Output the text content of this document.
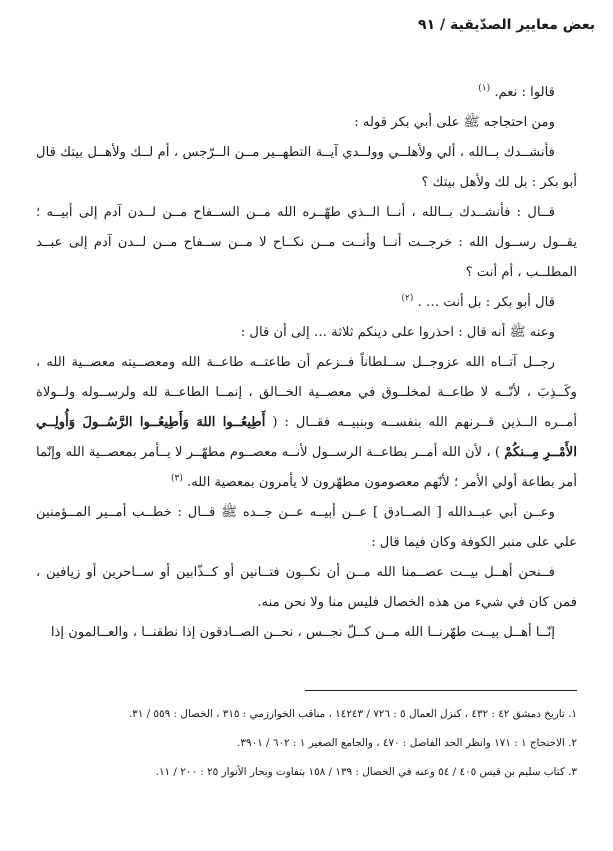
بعض معايير الصدّيقية / ٩١

قالوا : نعم. $^{(١)}$

ومن احتجاجه ﷺ على أبي بكر قوله :

فأنشــدك بــالله ، ألي ولأهلــي وولــدي آيــة التطهــير مــن الــرّجس ، أم لــك ولأهــل بيتك قال أبو بكر : بل لك ولأهل بيتك ؟

قــال : فأنشــدك بــالله ، أنــا الــذي طهّــره الله مــن الســفاح مــن لــدن آدم إلى أبيــه ؛ يقــول رســول الله : خرجــت أنــا وأنــت مــن نكــاح لا مــن ســفاح مــن لــدن آدم إلى عبــد المطلــب ، أم أنت ؟

قال أبو بكر : بل أنت … . $^{(٢)}$

وعنه ﷺ أنه قال : احذروا على دينكم ثلاثة … إلى أن قال :

رجــل آتــاه الله عزوجــل ســلطاناً فــزعم أن طاعتــه طاعــة الله ومعصــيته معصــية الله ، وكَــذِبَ ، لأنّــه لا طاعــة لمخلــوق في معصــية الخــالق ، إنمــا الطاعــة لله ولرســوله ولــولاة أمــره الــذين قــرنهم الله بنفســه وبنبيــه فقــال : ( أَطِيعُــوا اللهَ وَأَطِيعُــوا الرَّسُــولَ وَأُولِــي الأَمْــرِ مِــنكُمْ ) ، لأن الله أمــر بطاعــة الرســول لأنــه معصــوم مطهّــر لا يــأمر بمعصــية الله وإنّما أمر بطاعة أولي الأمر ؛ لأنّهم معصومون مطهّرون لا يأمرون بمعصية الله. $^{(٣)}$

وعــن أبي عبــدالله [ الصــادق ] عــن أبيــه عــن جــده ﷺ قــال : خطــب أمــير المــؤمنين علي على منبر الكوفة وكان فيما قال :

فــنحن أهــل بيــت عصــمنا الله مــن أن نكــون فتــانين أو كــذّابين أو ســاحرين أو زيافين ، فمن كان في شيء من هذه الخصال فليس منا ولا نحن منه.

إنّــا أهــل بيــت طهّرنــا الله مــن كــلّ نجــس ، نحــن الصــادقون إذا نطقنــا ، والعــالمون إذا

١. تاريخ دمشق ٤٢ : ٤٣٢ ، كنزل العمال ٥ : ٧٢٦ / ١٤٢٤٣ ، مناقب الخوارزمي : ٣١٥ ، الخصال : ٥٥٩ / ٣١.

٢. الاحتجاج ١ : ١٧١ وانظر الحد الفاصل : ٤٧٠ ، والجامع الصغير ١ : ٦٠٢ / ٣٩٠١.

٣. كتاب سليم بن قيس ٤٠٥ / ٥٤ وعنه في الخصال : ١٣٩ / ١٥٨ بتفاوت وبحار الأنوار ٢٥ : ٢٠٠ / ١١.
